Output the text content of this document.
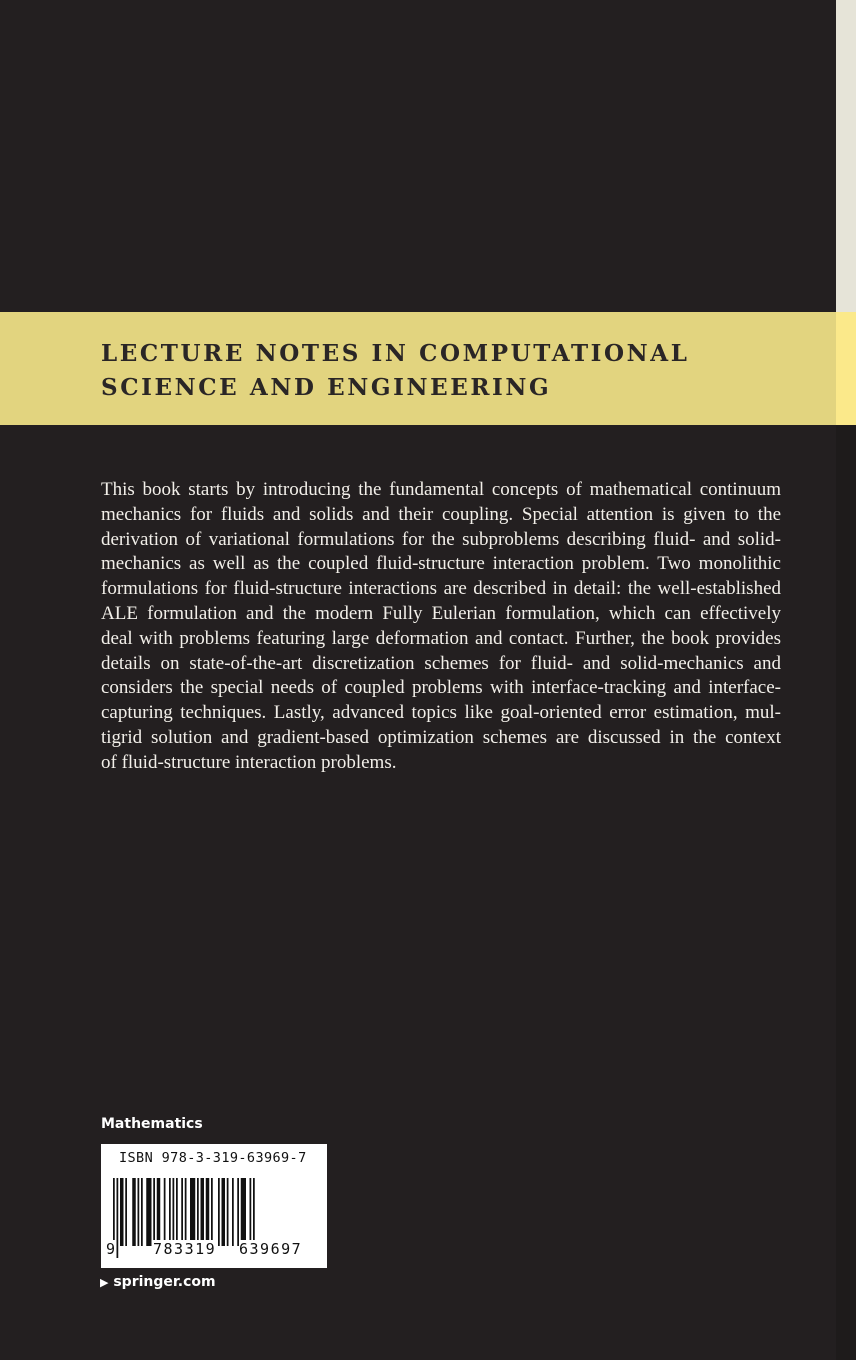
LECTURE NOTES IN COMPUTATIONAL
SCIENCE AND ENGINEERING
This book starts by introducing the fundamental concepts of mathematical continuum
mechanics for fluids and solids and their coupling. Special attention is given to the
derivation of variational formulations for the subproblems describing fluid- and solid-
mechanics as well as the coupled fluid-structure interaction problem. Two monolithic
formulations for fluid-structure interactions are described in detail: the well-established
ALE formulation and the modern Fully Eulerian formulation, which can effectively
deal with problems featuring large deformation and contact. Further, the book provides
details on state-of-the-art discretization schemes for fluid- and solid-mechanics and
considers the special needs of coupled problems with interface-tracking and interface-
capturing techniques. Lastly, advanced topics like goal-oriented error estimation, mul-
tigrid solution and gradient-based optimization schemes are discussed in the context
of fluid-structure interaction problems.
Mathematics
ISBN 978-3-319-63969-7
9	783319 639697
▶ springer.com
